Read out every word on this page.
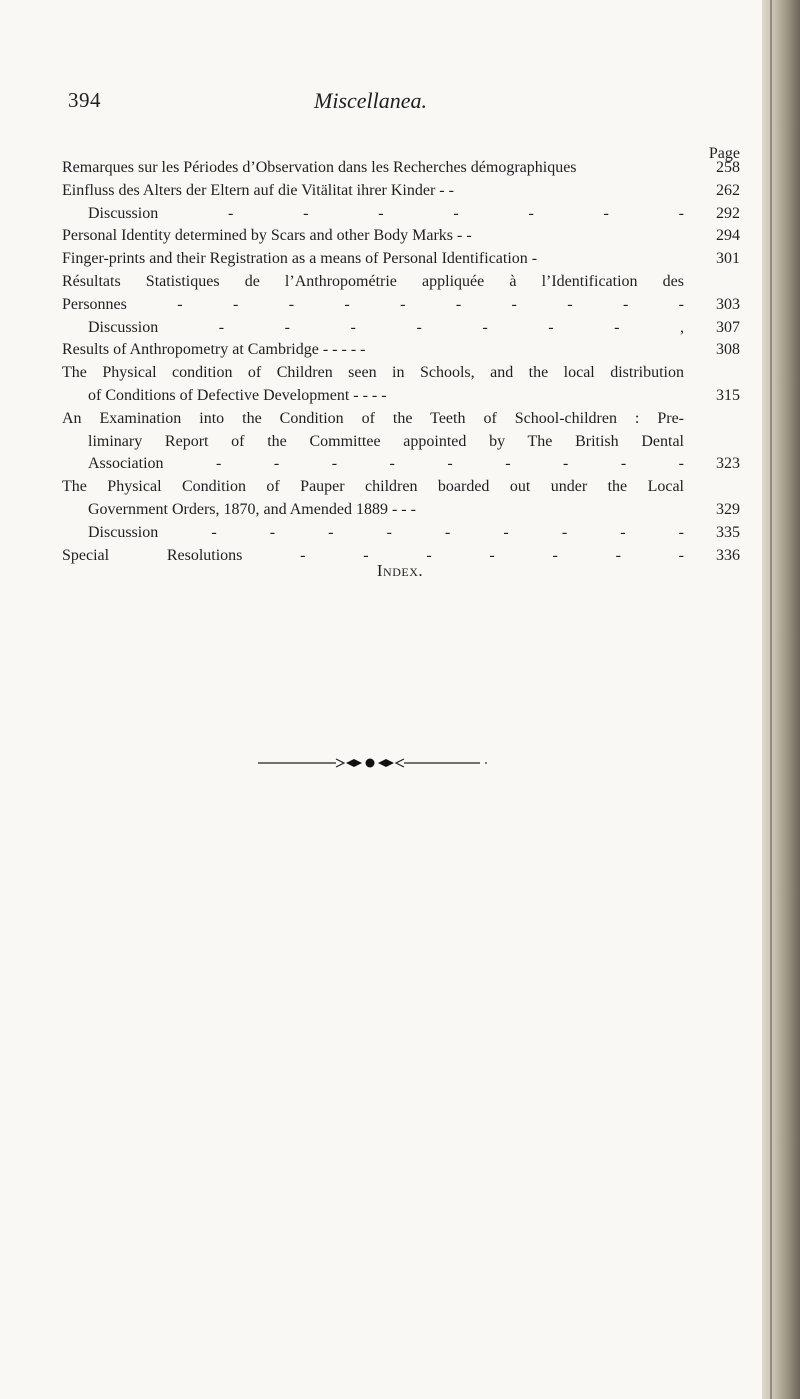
394	Miscellanea.
Page
Remarques sur les Périodes d’Observation dans les Recherches démographiques	258
Einfluss des Alters der Eltern auf die Vitälitat ihrer Kinder - -	262
Discussion - - - - - - -	292
Personal Identity determined by Scars and other Body Marks - -	294
Finger-prints and their Registration as a means of Personal Identification -	301
Résultats Statistiques de l’Anthropométrie appliquée à l’Identification des
Personnes - - - - - - - - - -	303
Discussion - - - - - - - ,	307
Results of Anthropometry at Cambridge - - - - -	308
The Physical condition of Children seen in Schools, and the local distribution
of Conditions of Defective Development - - - -	315
An Examination into the Condition of the Teeth of School-children : Pre-
liminary Report of the Committee appointed by The British Dental
Association - - - - - - - - -	323
The Physical Condition of Pauper children boarded out under the Local
Government Orders, 1870, and Amended 1889 - - -	329
Discussion - - - - - - - - -	335
Special Resolutions - - - - - - -	336
Index.
